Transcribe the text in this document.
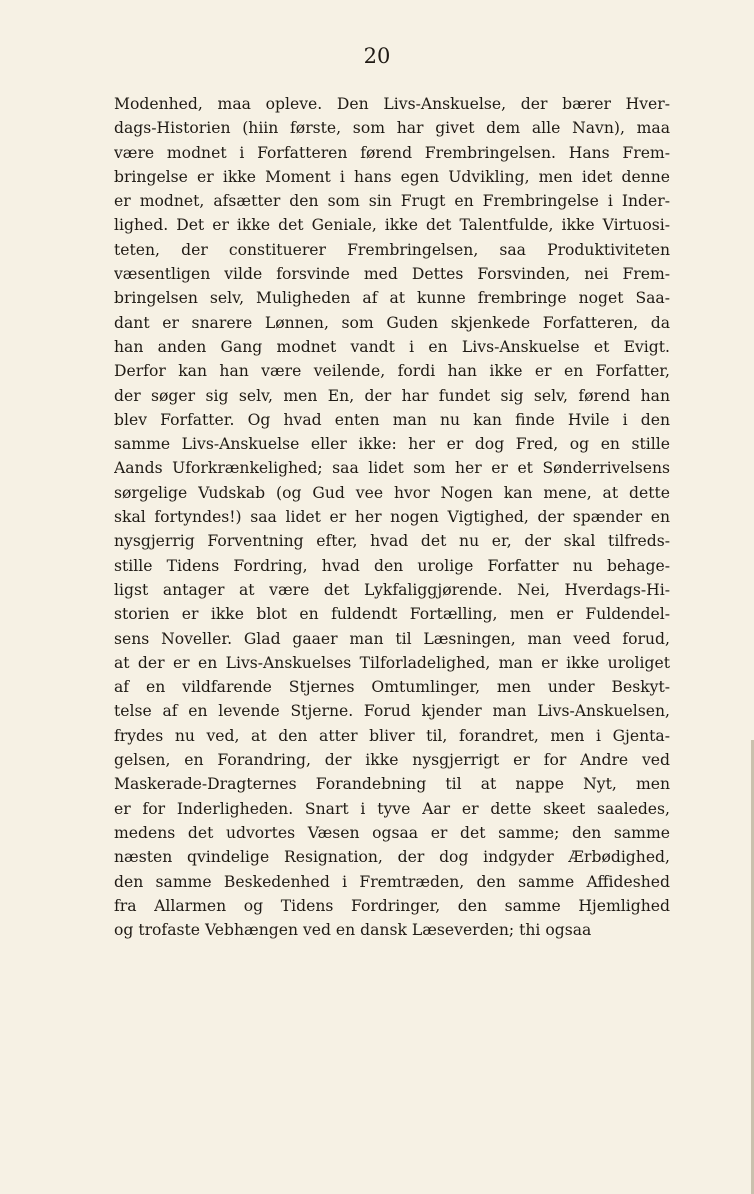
20
Modenhed, maa opleve. Den Livs-Anskuelse, der bærer Hver-
dags-Historien (hiin første, som har givet dem alle Navn), maa
være modnet i Forfatteren førend Frembringelsen. Hans Frem-
bringelse er ikke Moment i hans egen Udvikling, men idet denne
er modnet, afsætter den som sin Frugt en Frembringelse i Inder-
lighed. Det er ikke det Geniale, ikke det Talentfulde, ikke Virtuosi-
teten, der constituerer Frembringelsen, saa Produktiviteten
væsentligen vilde forsvinde med Dettes Forsvinden, nei Frem-
bringelsen selv, Muligheden af at kunne frembringe noget Saa-
dant er snarere Lønnen, som Guden skjenkede Forfatteren, da
han anden Gang modnet vandt i en Livs-Anskuelse et Evigt.
Derfor kan han være veilende, fordi han ikke er en Forfatter,
der søger sig selv, men En, der har fundet sig selv, førend han
blev Forfatter. Og hvad enten man nu kan finde Hvile i den
samme Livs-Anskuelse eller ikke: her er dog Fred, og en stille
Aands Uforkrænkelighed; saa lidet som her er et Sønderrivelsens
sørgelige Vudskab (og Gud vee hvor Nogen kan mene, at dette
skal fortyndes!) saa lidet er her nogen Vigtighed, der spænder en
nysgjerrig Forventning efter, hvad det nu er, der skal tilfreds-
stille Tidens Fordring, hvad den urolige Forfatter nu behage-
ligst antager at være det Lykfaliggjørende. Nei, Hverdags-Hi-
storien er ikke blot en fuldendt Fortælling, men er Fuldendel-
sens Noveller. Glad gaaer man til Læsningen, man veed forud,
at der er en Livs-Anskuelses Tilforladelighed, man er ikke uroliget
af en vildfarende Stjernes Omtumlinger, men under Beskyt-
telse af en levende Stjerne. Forud kjender man Livs-Anskuelsen,
frydes nu ved, at den atter bliver til, forandret, men i Gjenta-
gelsen, en Forandring, der ikke nysgjerrigt er for Andre ved
Maskerade-Dragternes Forandebning til at nappe Nyt, men
er for Inderligheden. Snart i tyve Aar er dette skeet saaledes,
medens det udvortes Væsen ogsaa er det samme; den samme
næsten qvindelige Resignation, der dog indgyder Ærbødighed,
den samme Beskedenhed i Fremtræden, den samme Affideshed
fra Allarmen og Tidens Fordringer, den samme Hjemlighed
og trofaste Vebhængen ved en dansk Læseverden; thi ogsaa
